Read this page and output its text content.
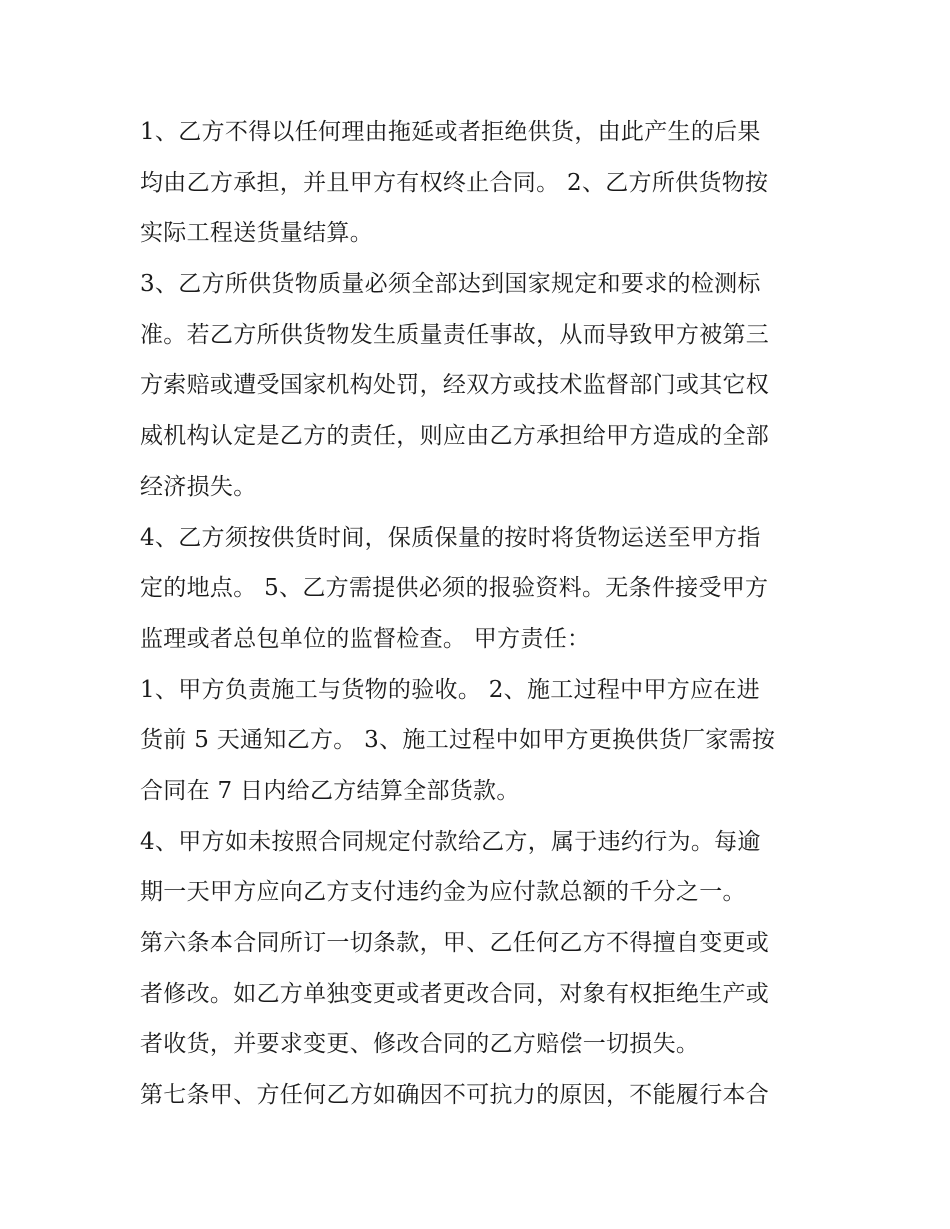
1、乙方不得以任何理由拖延或者拒绝供货，由此产生的后果
均由乙方承担，并且甲方有权终止合同。 2、乙方所供货物按
实际工程送货量结算。
3、乙方所供货物质量必须全部达到国家规定和要求的检测标
准。若乙方所供货物发生质量责任事故，从而导致甲方被第三
方索赔或遭受国家机构处罚，经双方或技术监督部门或其它权
威机构认定是乙方的责任，则应由乙方承担给甲方造成的全部
经济损失。
4、乙方须按供货时间，保质保量的按时将货物运送至甲方指
定的地点。 5、乙方需提供必须的报验资料。无条件接受甲方
监理或者总包单位的监督检查。 甲方责任：
1、甲方负责施工与货物的验收。 2、施工过程中甲方应在进
货前 5 天通知乙方。 3、施工过程中如甲方更换供货厂家需按
合同在 7 日内给乙方结算全部货款。
4、甲方如未按照合同规定付款给乙方，属于违约行为。每逾
期一天甲方应向乙方支付违约金为应付款总额的千分之一。
第六条本合同所订一切条款，甲、乙任何乙方不得擅自变更或
者修改。如乙方单独变更或者更改合同，对象有权拒绝生产或
者收货，并要求变更、修改合同的乙方赔偿一切损失。
第七条甲、方任何乙方如确因不可抗力的原因，不能履行本合
